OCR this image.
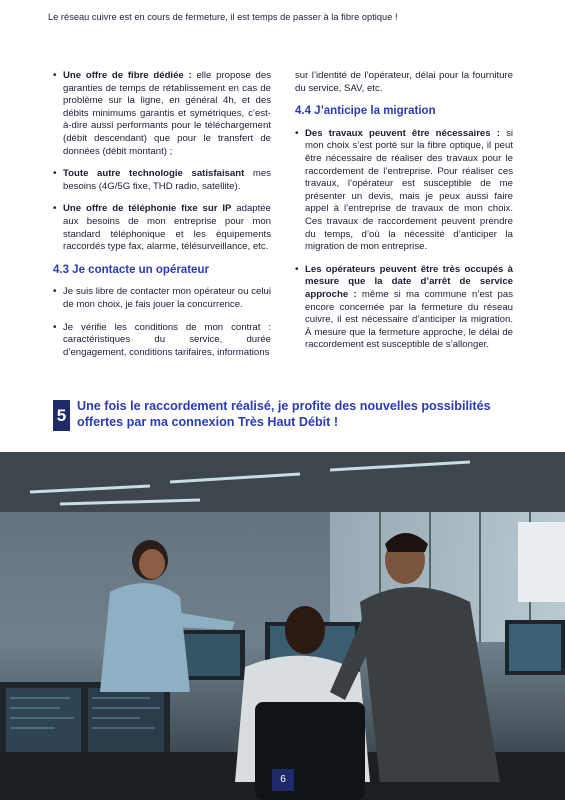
Le réseau cuivre est en cours de fermeture, il est temps de passer à la fibre optique !
• Une offre de fibre dédiée : elle propose des garanties de temps de rétablissement en cas de problème sur la ligne, en général 4h, et des débits minimums garantis et symétriques, c’est-à-dire aussi performants pour le téléchargement (débit descendant) que pour le transfert de données (débit montant) ;
• Toute autre technologie satisfaisant mes besoins (4G/5G fixe, THD radio, satellite).
• Une offre de téléphonie fixe sur IP adaptée aux besoins de mon entreprise pour mon standard téléphonique et les équipements raccordés type fax, alarme, télésurveillance, etc.
4.3 Je contacte un opérateur
• Je suis libre de contacter mon opérateur ou celui de mon choix, je fais jouer la concurrence.
• Je vérifie les conditions de mon contrat : caractéristiques du service, durée d’engagement, conditions tarifaires, informations
sur l’identité de l’opérateur, délai pour la fourniture du service, SAV, etc.
4.4 J’anticipe la migration
• Des travaux peuvent être nécessaires : si mon choix s’est porté sur la fibre optique, il peut être nécessaire de réaliser des travaux pour le raccordement de l’entreprise. Pour réaliser ces travaux, l’opérateur est susceptible de me présenter un devis, mais je peux aussi faire appel à l’entreprise de travaux de mon choix. Ces travaux de raccordement peuvent prendre du temps, d’où la nécessité d’anticiper la migration de mon entreprise.
• Les opérateurs peuvent être très occupés à mesure que la date d’arrêt de service approche : même si ma commune n’est pas encore concernée par la fermeture du réseau cuivre, il est nécessaire d’anticiper la migration. À mesure que la fermeture approche, le délai de raccordement est susceptible de s’allonger.
5 Une fois le raccordement réalisé, je profite des nouvelles possibilités offertes par ma connexion Très Haut Débit !
6
